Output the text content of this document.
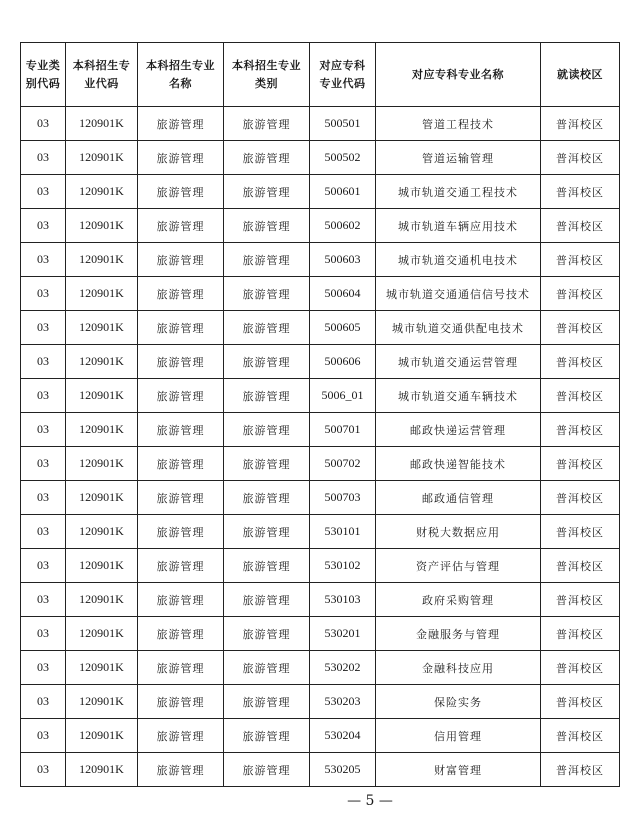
专业类别代码	本科招生专业代码	本科招生专业名称	本科招生专业类别	对应专科专业代码	对应专科专业名称	就读校区
03	120901K	旅游管理	旅游管理	500501	管道工程技术	普洱校区
03	120901K	旅游管理	旅游管理	500502	管道运输管理	普洱校区
03	120901K	旅游管理	旅游管理	500601	城市轨道交通工程技术	普洱校区
03	120901K	旅游管理	旅游管理	500602	城市轨道车辆应用技术	普洱校区
03	120901K	旅游管理	旅游管理	500603	城市轨道交通机电技术	普洱校区
03	120901K	旅游管理	旅游管理	500604	城市轨道交通通信信号技术	普洱校区
03	120901K	旅游管理	旅游管理	500605	城市轨道交通供配电技术	普洱校区
03	120901K	旅游管理	旅游管理	500606	城市轨道交通运营管理	普洱校区
03	120901K	旅游管理	旅游管理	5006_01	城市轨道交通车辆技术	普洱校区
03	120901K	旅游管理	旅游管理	500701	邮政快递运营管理	普洱校区
03	120901K	旅游管理	旅游管理	500702	邮政快递智能技术	普洱校区
03	120901K	旅游管理	旅游管理	500703	邮政通信管理	普洱校区
03	120901K	旅游管理	旅游管理	530101	财税大数据应用	普洱校区
03	120901K	旅游管理	旅游管理	530102	资产评估与管理	普洱校区
03	120901K	旅游管理	旅游管理	530103	政府采购管理	普洱校区
03	120901K	旅游管理	旅游管理	530201	金融服务与管理	普洱校区
03	120901K	旅游管理	旅游管理	530202	金融科技应用	普洱校区
03	120901K	旅游管理	旅游管理	530203	保险实务	普洱校区
03	120901K	旅游管理	旅游管理	530204	信用管理	普洱校区
03	120901K	旅游管理	旅游管理	530205	财富管理	普洱校区
— 5 —
